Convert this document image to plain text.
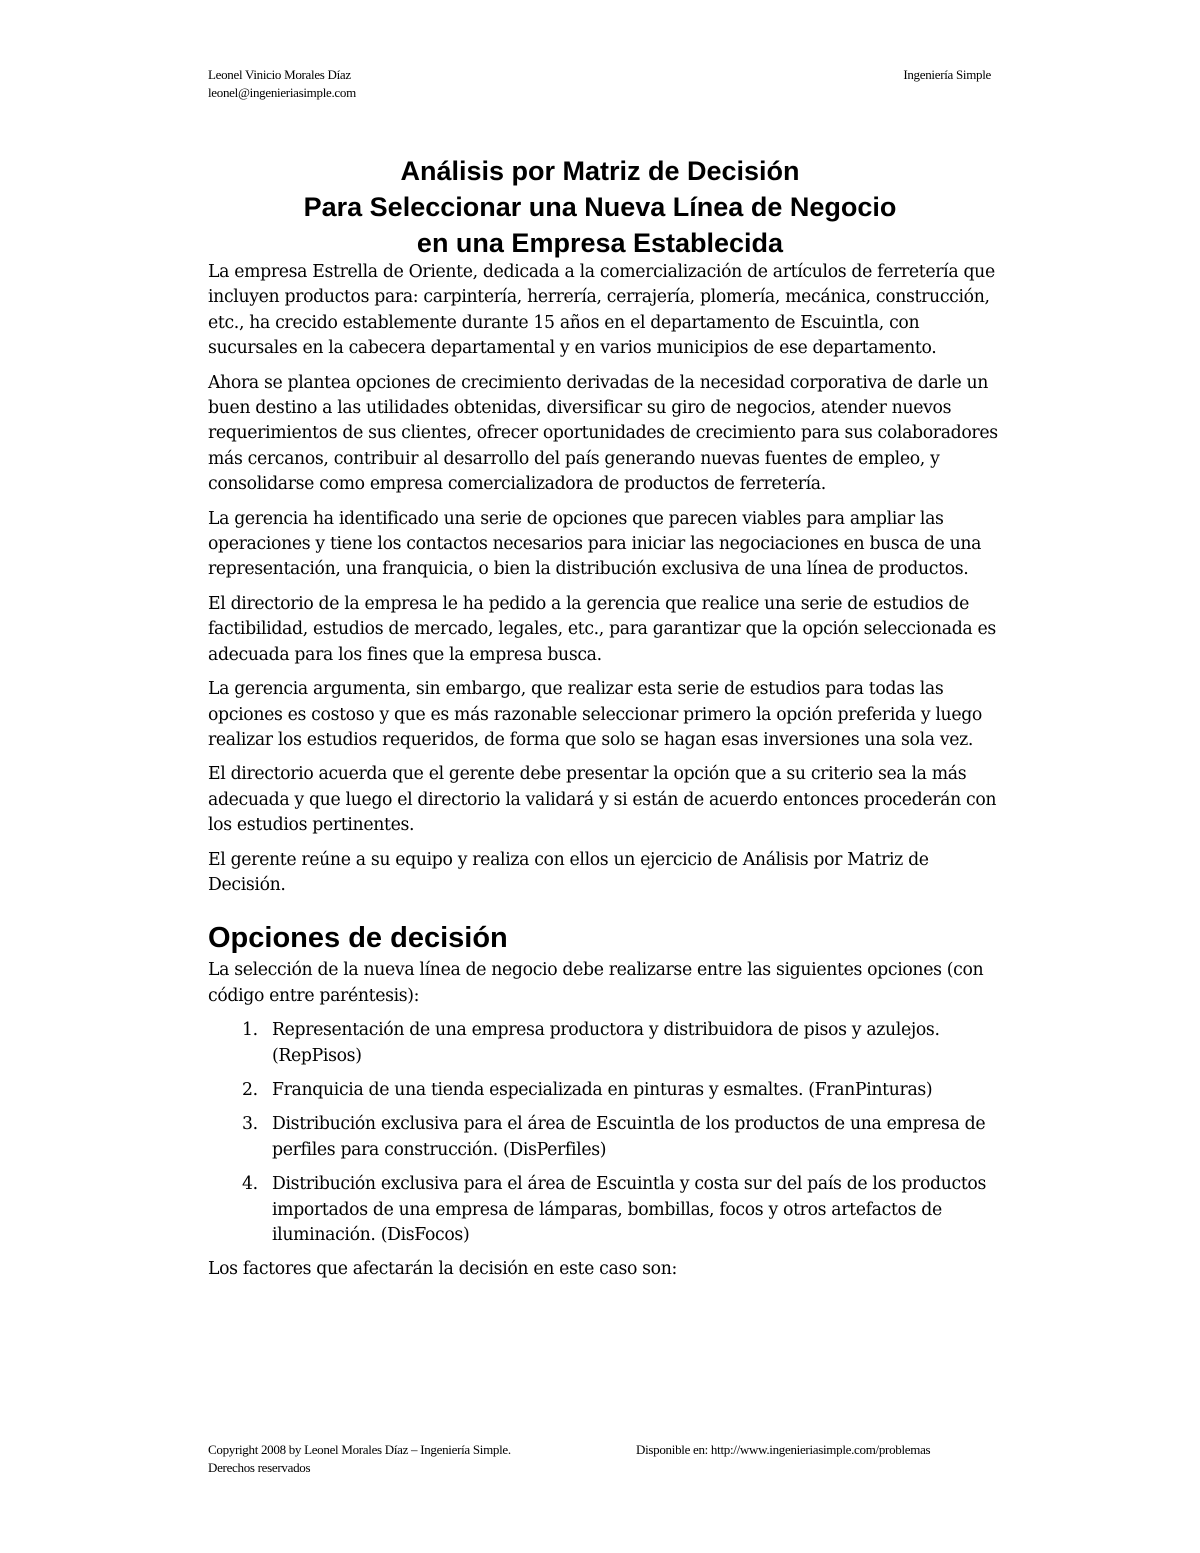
Leonel Vinicio Morales Díaz
leonel@ingenieriasimple.com
Ingeniería Simple
Análisis por Matriz de Decisión
Para Seleccionar una Nueva Línea de Negocio
en una Empresa Establecida

La empresa Estrella de Oriente, dedicada a la comercialización de artículos de ferretería que incluyen productos para: carpintería, herrería, cerrajería, plomería, mecánica, construcción, etc., ha crecido establemente durante 15 años en el departamento de Escuintla, con sucursales en la cabecera departamental y en varios municipios de ese departamento.

Ahora se plantea opciones de crecimiento derivadas de la necesidad corporativa de darle un buen destino a las utilidades obtenidas, diversificar su giro de negocios, atender nuevos requerimientos de sus clientes, ofrecer oportunidades de crecimiento para sus colaboradores más cercanos, contribuir al desarrollo del país generando nuevas fuentes de empleo, y consolidarse como empresa comercializadora de productos de ferretería.

La gerencia ha identificado una serie de opciones que parecen viables para ampliar las operaciones y tiene los contactos necesarios para iniciar las negociaciones en busca de una representación, una franquicia, o bien la distribución exclusiva de una línea de productos.

El directorio de la empresa le ha pedido a la gerencia que realice una serie de estudios de factibilidad, estudios de mercado, legales, etc., para garantizar que la opción seleccionada es adecuada para los fines que la empresa busca.

La gerencia argumenta, sin embargo, que realizar esta serie de estudios para todas las opciones es costoso y que es más razonable seleccionar primero la opción preferida y luego realizar los estudios requeridos, de forma que solo se hagan esas inversiones una sola vez.

El directorio acuerda que el gerente debe presentar la opción que a su criterio sea la más adecuada y que luego el directorio la validará y si están de acuerdo entonces procederán con los estudios pertinentes.

El gerente reúne a su equipo y realiza con ellos un ejercicio de Análisis por Matriz de Decisión.

Opciones de decisión

La selección de la nueva línea de negocio debe realizarse entre las siguientes opciones (con código entre paréntesis):

1. Representación de una empresa productora y distribuidora de pisos y azulejos. (RepPisos)
2. Franquicia de una tienda especializada en pinturas y esmaltes. (FranPinturas)
3. Distribución exclusiva para el área de Escuintla de los productos de una empresa de perfiles para construcción. (DisPerfiles)
4. Distribución exclusiva para el área de Escuintla y costa sur del país de los productos importados de una empresa de lámparas, bombillas, focos y otros artefactos de iluminación. (DisFocos)

Los factores que afectarán la decisión en este caso son:

Copyright 2008 by Leonel Morales Díaz – Ingeniería Simple.
Derechos reservados
Disponible en: http://www.ingenieriasimple.com/problemas
